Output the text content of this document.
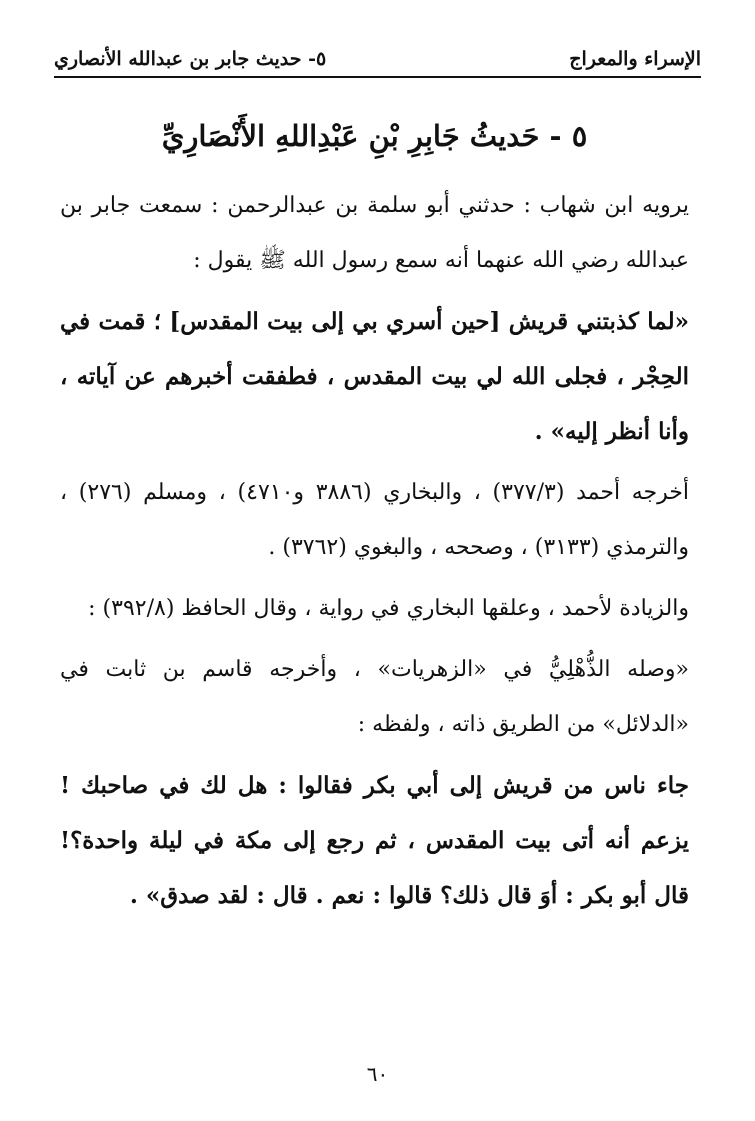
الإسراء والمعراج
٥- حديث جابر بن عبدالله الأنصاري
٥ - حَديثُ جَابِرِ بْنِ عَبْدِاللهِ الأَنْصَارِيِّ

يرويه ابن شهاب : حدثني أبو سلمة بن عبدالرحمن : سمعت جابر بن عبدالله رضي الله عنهما أنه سمع رسول الله ﷺ يقول :

«لما كذبتني قريش [حين أسري بي إلى بيت المقدس] ؛ قمت في الحِجْر ، فجلى الله لي بيت المقدس ، فطفقت أخبرهم عن آياته ، وأنا أنظر إليه» .

أخرجه أحمد (٣٧٧/٣) ، والبخاري (٣٨٨٦ و٤٧١٠) ، ومسلم (٢٧٦) ، والترمذي (٣١٣٣) ، وصححه ، والبغوي (٣٧٦٢) .

والزيادة لأحمد ، وعلقها البخاري في رواية ، وقال الحافظ (٣٩٢/٨) :

«وصله الذُّهْلِيُّ في «الزهريات» ، وأخرجه قاسم بن ثابت في «الدلائل» من الطريق ذاته ، ولفظه :

جاء ناس من قريش إلى أبي بكر فقالوا : هل لك في صاحبك ! يزعم أنه أتى بيت المقدس ، ثم رجع إلى مكة في ليلة واحدة؟! قال أبو بكر : أوَ قال ذلك؟ قالوا : نعم . قال : لقد صدق» .

٦٠
